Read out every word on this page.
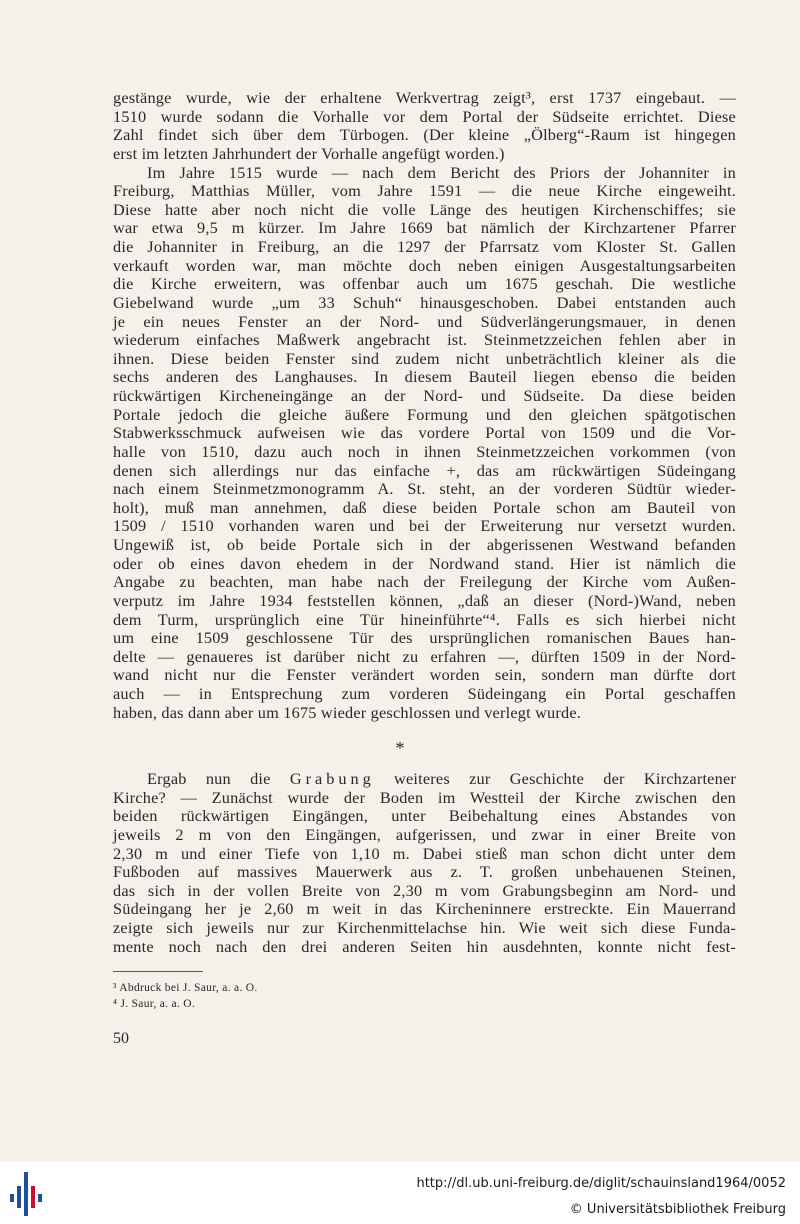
gestänge wurde, wie der erhaltene Werkvertrag zeigt³, erst 1737 eingebaut. —
1510 wurde sodann die Vorhalle vor dem Portal der Südseite errichtet. Diese
Zahl findet sich über dem Türbogen. (Der kleine „Ölberg“-Raum ist hingegen
erst im letzten Jahrhundert der Vorhalle angefügt worden.)
Im Jahre 1515 wurde — nach dem Bericht des Priors der Johanniter in
Freiburg, Matthias Müller, vom Jahre 1591 — die neue Kirche eingeweiht.
Diese hatte aber noch nicht die volle Länge des heutigen Kirchenschiffes; sie
war etwa 9,5 m kürzer. Im Jahre 1669 bat nämlich der Kirchzartener Pfarrer
die Johanniter in Freiburg, an die 1297 der Pfarrsatz vom Kloster St. Gallen
verkauft worden war, man möchte doch neben einigen Ausgestaltungsarbeiten
die Kirche erweitern, was offenbar auch um 1675 geschah. Die westliche
Giebelwand wurde „um 33 Schuh“ hinausgeschoben. Dabei entstanden auch
je ein neues Fenster an der Nord- und Südverlängerungsmauer, in denen
wiederum einfaches Maßwerk angebracht ist. Steinmetzzeichen fehlen aber in
ihnen. Diese beiden Fenster sind zudem nicht unbeträchtlich kleiner als die
sechs anderen des Langhauses. In diesem Bauteil liegen ebenso die beiden
rückwärtigen Kircheneingänge an der Nord- und Südseite. Da diese beiden
Portale jedoch die gleiche äußere Formung und den gleichen spätgotischen
Stabwerksschmuck aufweisen wie das vordere Portal von 1509 und die Vor-
halle von 1510, dazu auch noch in ihnen Steinmetzzeichen vorkommen (von
denen sich allerdings nur das einfache +, das am rückwärtigen Südeingang
nach einem Steinmetzmonogramm A. St. steht, an der vorderen Südtür wieder-
holt), muß man annehmen, daß diese beiden Portale schon am Bauteil von
1509 / 1510 vorhanden waren und bei der Erweiterung nur versetzt wurden.
Ungewiß ist, ob beide Portale sich in der abgerissenen Westwand befanden
oder ob eines davon ehedem in der Nordwand stand. Hier ist nämlich die
Angabe zu beachten, man habe nach der Freilegung der Kirche vom Außen-
verputz im Jahre 1934 feststellen können, „daß an dieser (Nord-)Wand, neben
dem Turm, ursprünglich eine Tür hineinführte“⁴. Falls es sich hierbei nicht
um eine 1509 geschlossene Tür des ursprünglichen romanischen Baues han-
delte — genaueres ist darüber nicht zu erfahren —, dürften 1509 in der Nord-
wand nicht nur die Fenster verändert worden sein, sondern man dürfte dort
auch — in Entsprechung zum vorderen Südeingang ein Portal geschaffen
haben, das dann aber um 1675 wieder geschlossen und verlegt wurde.
*
Ergab nun die Grabung weiteres zur Geschichte der Kirchzartener
Kirche? — Zunächst wurde der Boden im Westteil der Kirche zwischen den
beiden rückwärtigen Eingängen, unter Beibehaltung eines Abstandes von
jeweils 2 m von den Eingängen, aufgerissen, und zwar in einer Breite von
2,30 m und einer Tiefe von 1,10 m. Dabei stieß man schon dicht unter dem
Fußboden auf massives Mauerwerk aus z. T. großen unbehauenen Steinen,
das sich in der vollen Breite von 2,30 m vom Grabungsbeginn am Nord- und
Südeingang her je 2,60 m weit in das Kircheninnere erstreckte. Ein Mauerrand
zeigte sich jeweils nur zur Kirchenmittelachse hin. Wie weit sich diese Funda-
mente noch nach den drei anderen Seiten hin ausdehnten, konnte nicht fest-
³ Abdruck bei J. Saur, a. a. O.
⁴ J. Saur, a. a. O.
50
http://dl.ub.uni-freiburg.de/diglit/schauinsland1964/0052
© Universitätsbibliothek Freiburg
